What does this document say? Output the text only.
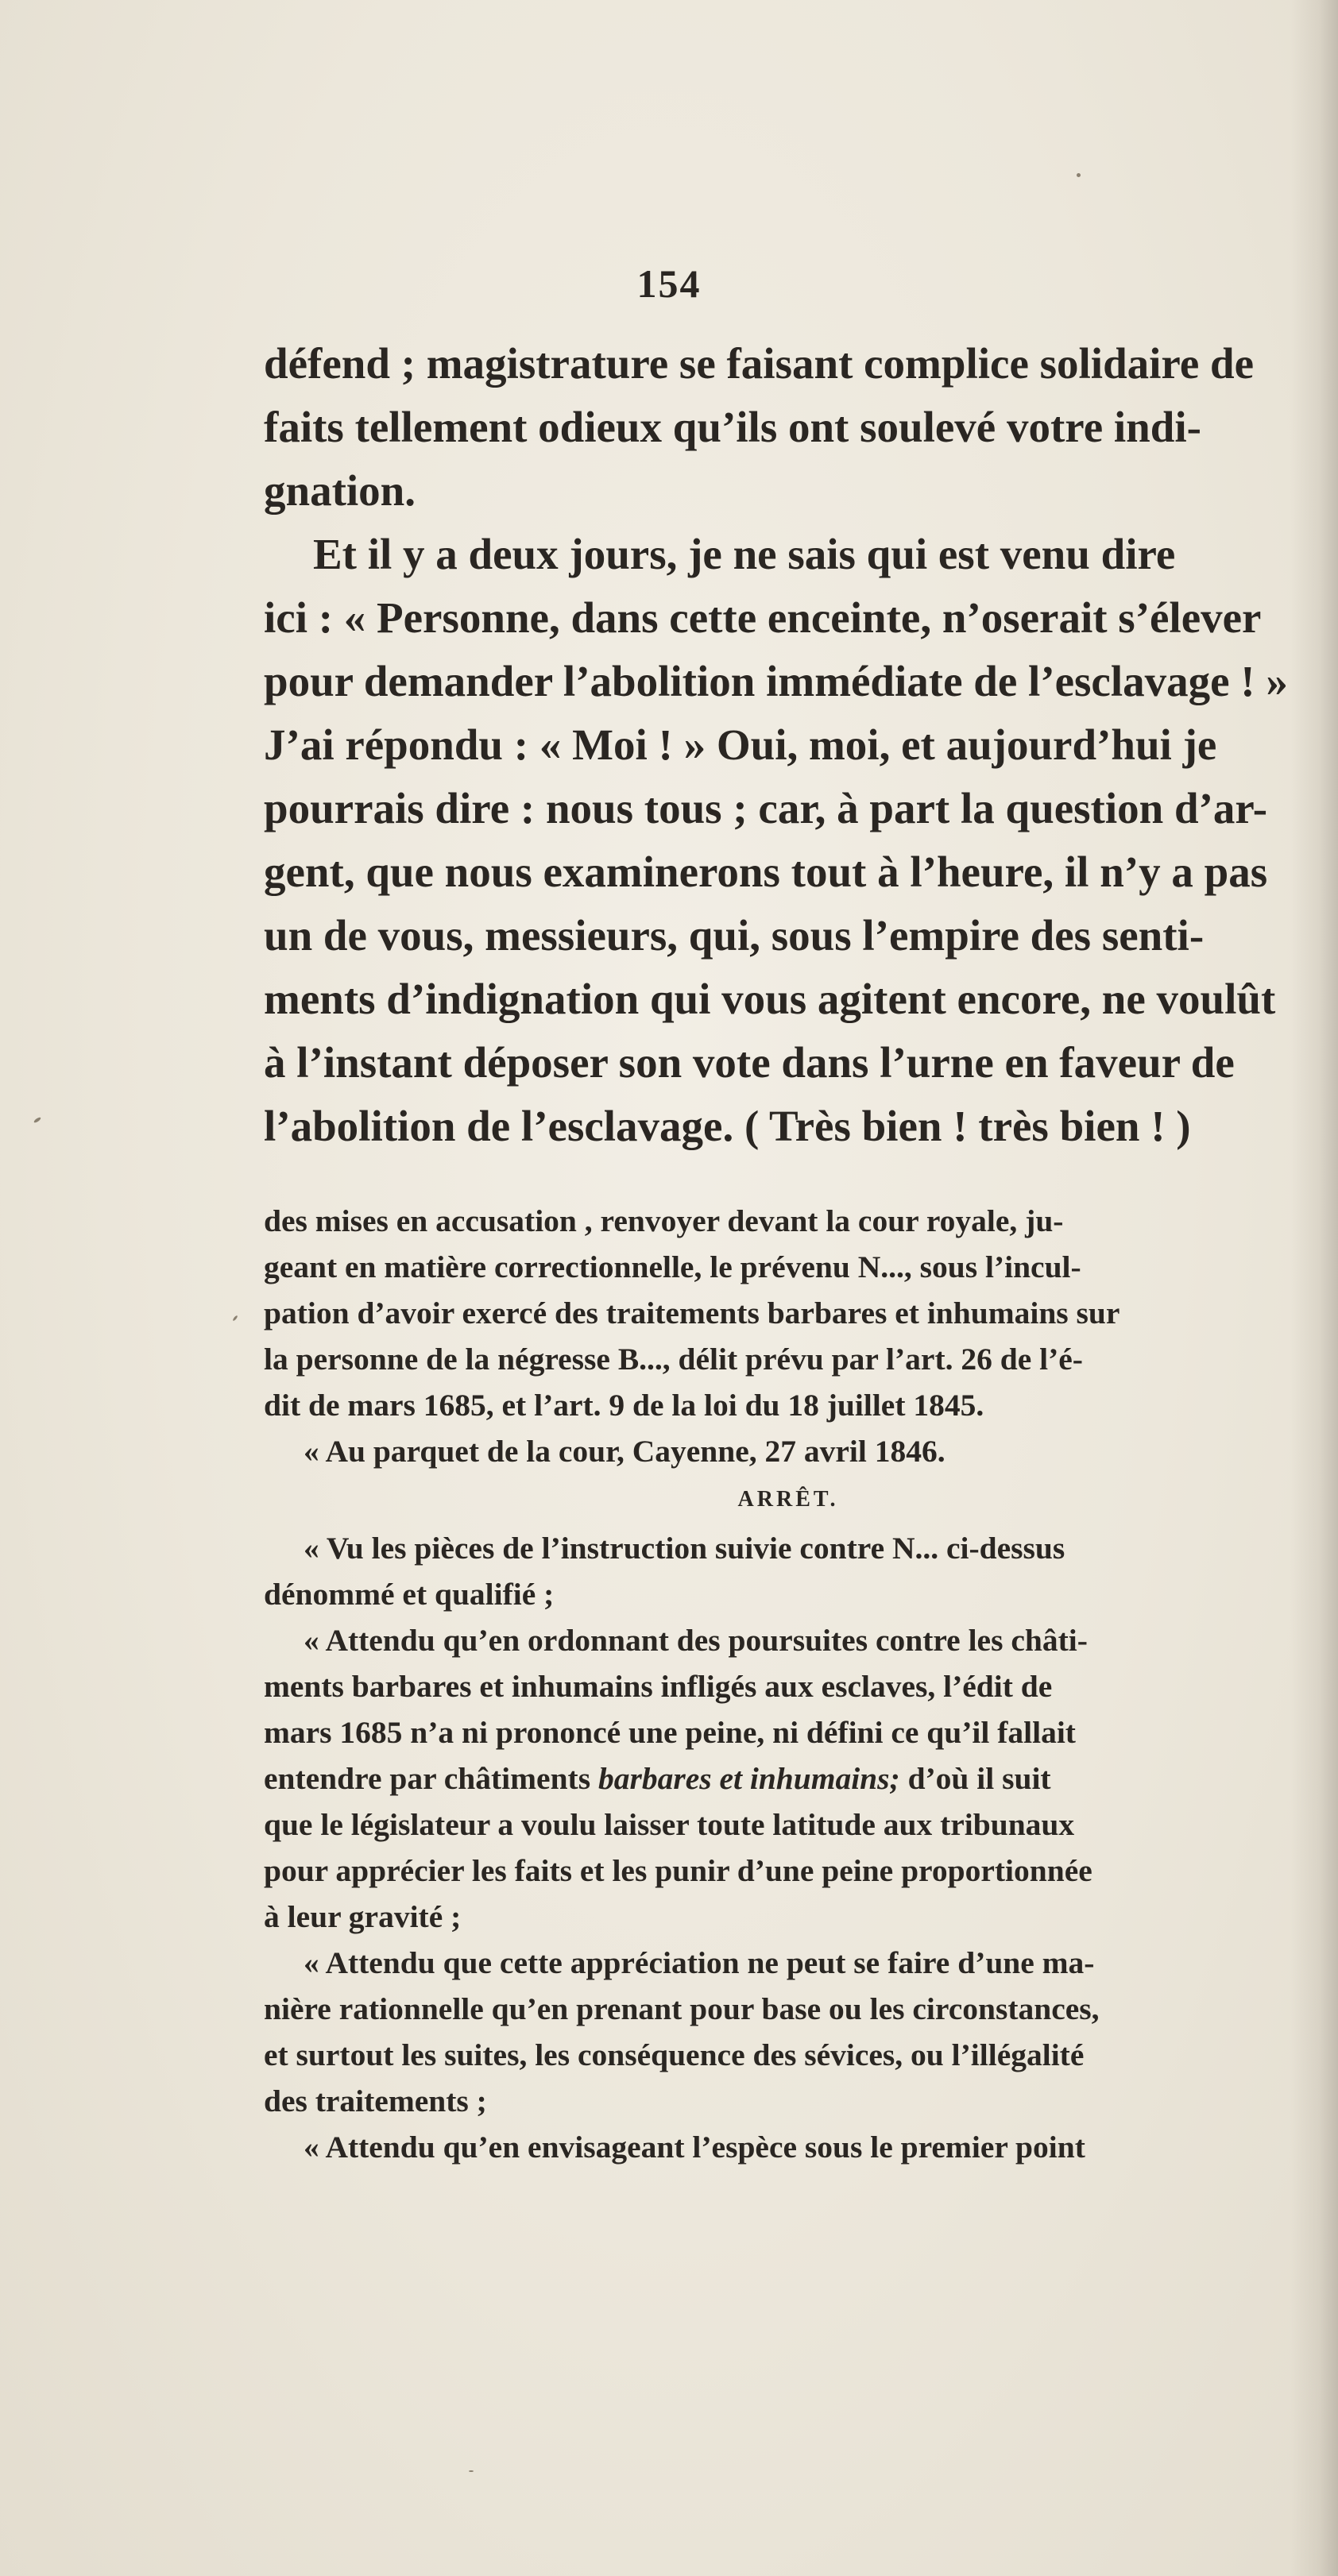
154

défend ; magistrature se faisant complice solidaire de

faits tellement odieux qu’ils ont soulevé votre indi-

gnation.

Et il y a deux jours, je ne sais qui est venu dire

ici : « Personne, dans cette enceinte, n’oserait s’élever

pour demander l’abolition immédiate de l’esclavage ! »

J’ai répondu : « Moi ! » Oui, moi, et aujourd’hui je

pourrais dire : nous tous ; car, à part la question d’ar-

gent, que nous examinerons tout à l’heure, il n’y a pas

un de vous, messieurs, qui, sous l’empire des senti-

ments d’indignation qui vous agitent encore, ne voulût

à l’instant déposer son vote dans l’urne en faveur de

l’abolition de l’esclavage. ( Très bien ! très bien ! )

des mises en accusation , renvoyer devant la cour royale, ju-

geant en matière correctionnelle, le prévenu N..., sous l’incul-

pation d’avoir exercé des traitements barbares et inhumains sur

la personne de la négresse B..., délit prévu par l’art. 26 de l’é-

dit de mars 1685, et l’art. 9 de la loi du 18 juillet 1845.

« Au parquet de la cour, Cayenne, 27 avril 1846.

ARRÊT.

« Vu les pièces de l’instruction suivie contre N... ci-dessus

dénommé et qualifié ;

« Attendu qu’en ordonnant des poursuites contre les châti-

ments barbares et inhumains infligés aux esclaves, l’édit de

mars 1685 n’a ni prononcé une peine, ni défini ce qu’il fallait

entendre par châtiments barbares et inhumains; d’où il suit

que le législateur a voulu laisser toute latitude aux tribunaux

pour apprécier les faits et les punir d’une peine proportionnée

à leur gravité ;

« Attendu que cette appréciation ne peut se faire d’une ma-

nière rationnelle qu’en prenant pour base ou les circonstances,

et surtout les suites, les conséquence des sévices, ou l’illégalité

des traitements ;

« Attendu qu’en envisageant l’espèce sous le premier point
